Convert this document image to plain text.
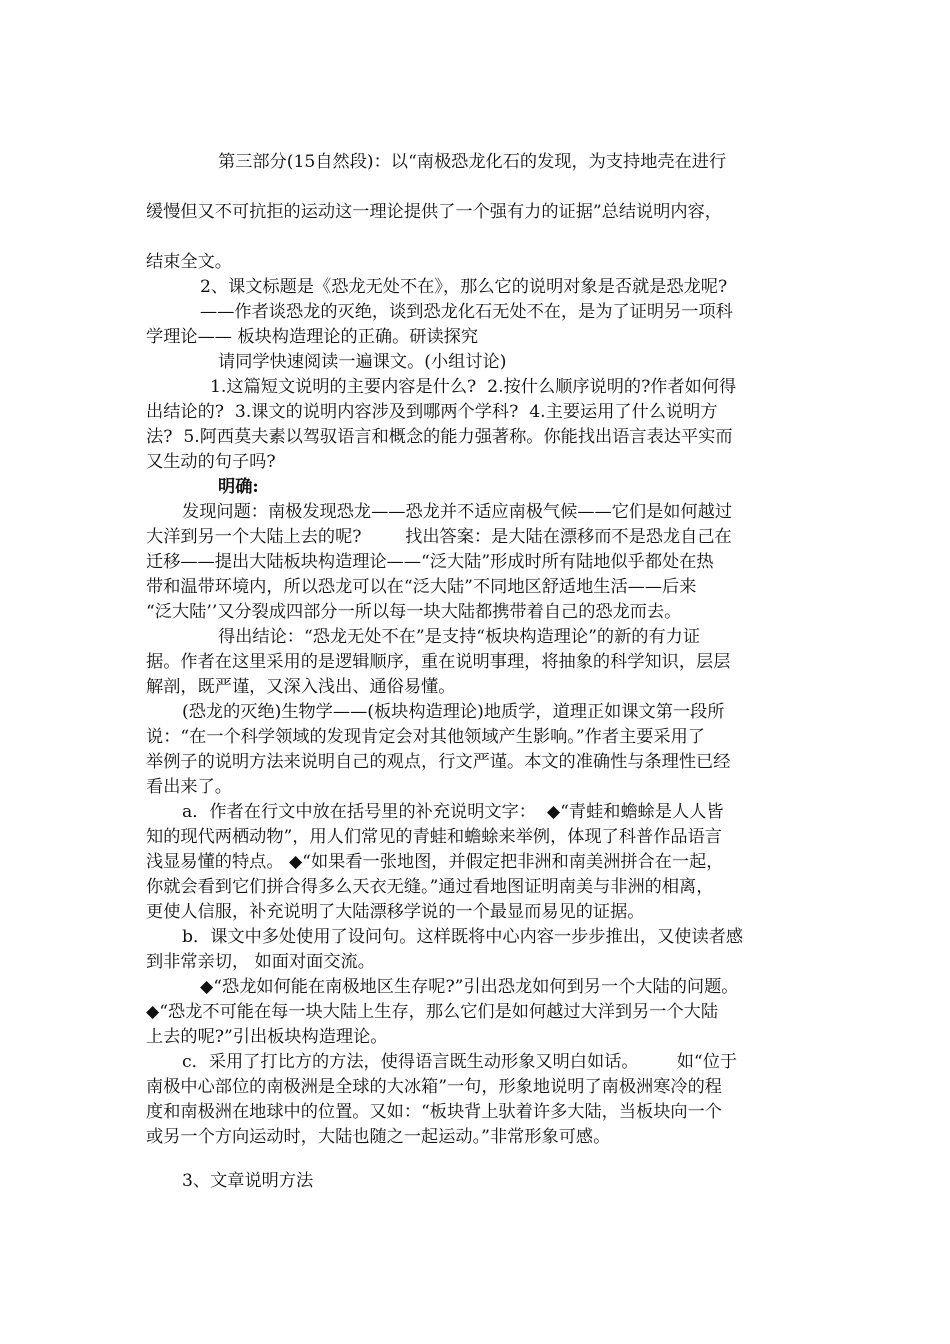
第三部分(15自然段)：以“南极恐龙化石的发现，为支持地壳在进行
缓慢但又不可抗拒的运动这一理论提供了一个强有力的证据”总结说明内容，
结束全文。
2、课文标题是《恐龙无处不在》，那么它的说明对象是否就是恐龙呢?
——作者谈恐龙的灭绝，谈到恐龙化石无处不在，是为了证明另一项科
学理论—— 板块构造理论的正确。研读探究
请同学快速阅读一遍课文。(小组讨论)
1.这篇短文说明的主要内容是什么?  2.按什么顺序说明的?作者如何得
出结论的?  3.课文的说明内容涉及到哪两个学科?  4.主要运用了什么说明方
法?  5.阿西莫夫素以驾驭语言和概念的能力强著称。你能找出语言表达平实而
又生动的句子吗?
明确:
发现问题：南极发现恐龙——恐龙并不适应南极气候——它们是如何越过
大洋到另一个大陆上去的呢?        找出答案：是大陆在漂移而不是恐龙自己在
迁移——提出大陆板块构造理论——“泛大陆”形成时所有陆地似乎都处在热
带和温带环境内，所以恐龙可以在“泛大陆”不同地区舒适地生活——后来
“泛大陆’’又分裂成四部分一所以每一块大陆都携带着自己的恐龙而去。
得出结论：“恐龙无处不在”是支持“板块构造理论”的新的有力证
据。作者在这里采用的是逻辑顺序，重在说明事理，将抽象的科学知识，层层
解剖，既严谨，又深入浅出、通俗易懂。
(恐龙的灭绝)生物学——(板块构造理论)地质学，道理正如课文第一段所
说：“在一个科学领域的发现肯定会对其他领域产生影响。”作者主要采用了
举例子的说明方法来说明自己的观点，行文严谨。本文的准确性与条理性已经
看出来了。
a．作者在行文中放在括号里的补充说明文字：  ◆“青蛙和蟾蜍是人人皆
知的现代两栖动物”，用人们常见的青蛙和蟾蜍来举例，体现了科普作品语言
浅显易懂的特点。 ◆“如果看一张地图，并假定把非洲和南美洲拼合在一起，
你就会看到它们拼合得多么天衣无缝。”通过看地图证明南美与非洲的相离，
更使人信服，补充说明了大陆漂移学说的一个最显而易见的证据。
b．课文中多处使用了设问句。这样既将中心内容一步步推出，又使读者感
到非常亲切， 如面对面交流。
◆“恐龙如何能在南极地区生存呢?”引出恐龙如何到另一个大陆的问题。
◆“恐龙不可能在每一块大陆上生存，那么它们是如何越过大洋到另一个大陆
上去的呢?”引出板块构造理论。
c．采用了打比方的方法，使得语言既生动形象又明白如话。       如“位于
南极中心部位的南极洲是全球的大冰箱”一句，形象地说明了南极洲寒冷的程
度和南极洲在地球中的位置。又如：“板块背上驮着许多大陆，当板块向一个
或另一个方向运动时，大陆也随之一起运动。”非常形象可感。
3、文章说明方法
